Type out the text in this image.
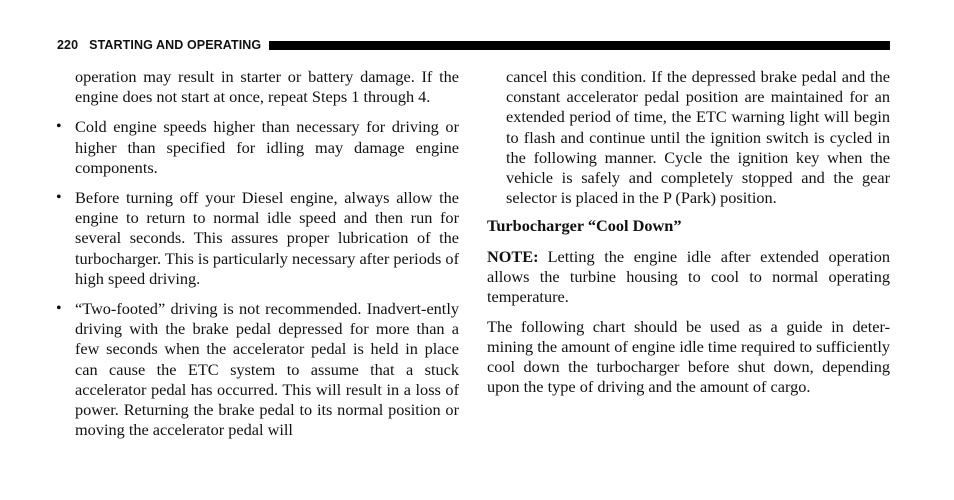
220 STARTING AND OPERATING

operation may result in starter or battery damage. If the engine does not start at once, repeat Steps 1 through 4.

• Cold engine speeds higher than necessary for driving or higher than specified for idling may damage engine components.
• Before turning off your Diesel engine, always allow the engine to return to normal idle speed and then run for several seconds. This assures proper lubrication of the turbocharger. This is particularly necessary after periods of high speed driving.
• “Two-footed” driving is not recommended. Inadvert-ently driving with the brake pedal depressed for more than a few seconds when the accelerator pedal is held in place can cause the ETC system to assume that a stuck accelerator pedal has occurred. This will result in a loss of power. Returning the brake pedal to its normal position or moving the accelerator pedal will

cancel this condition. If the depressed brake pedal and the constant accelerator pedal position are maintained for an extended period of time, the ETC warning light will begin to flash and continue until the ignition switch is cycled in the following manner. Cycle the ignition key when the vehicle is safely and completely stopped and the gear selector is placed in the P (Park) position.

Turbocharger “Cool Down”

NOTE: Letting the engine idle after extended operation allows the turbine housing to cool to normal operating temperature.

The following chart should be used as a guide in deter-mining the amount of engine idle time required to sufficiently cool down the turbocharger before shut down, depending upon the type of driving and the amount of cargo.
